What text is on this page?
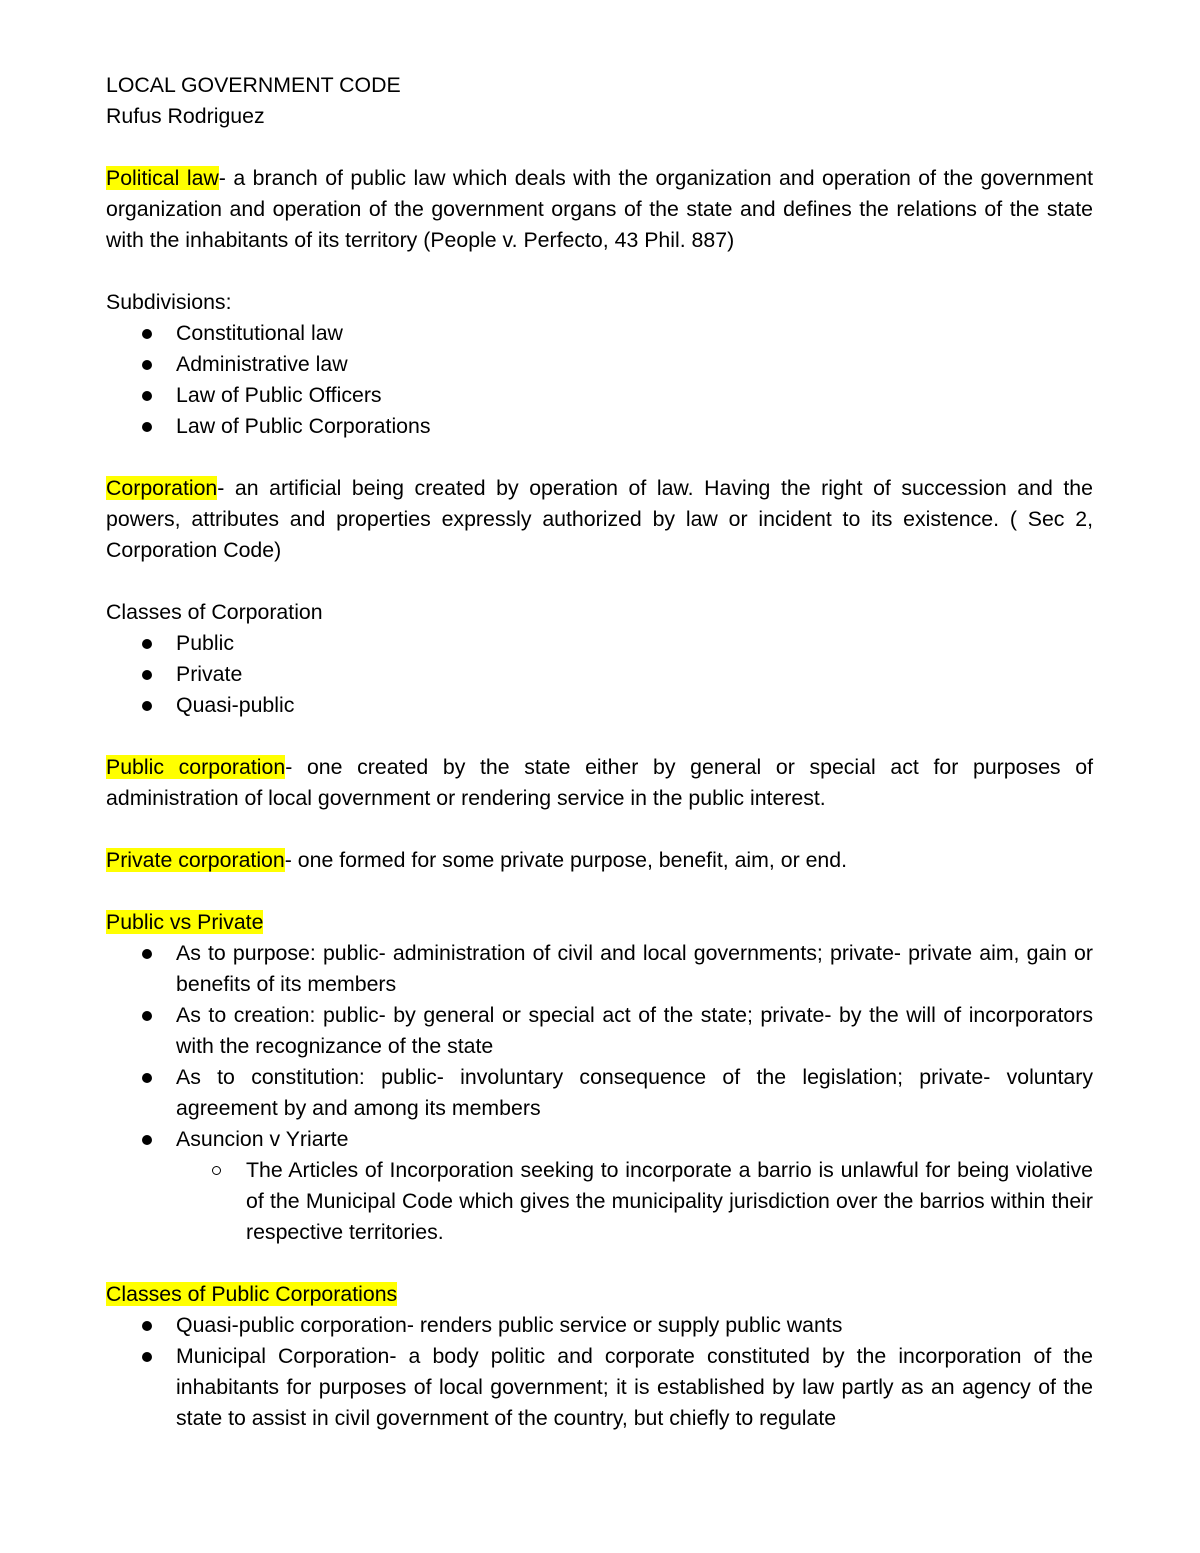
LOCAL GOVERNMENT CODE

Rufus Rodriguez

Political law- a branch of public law which deals with the organization and operation of the government organization and operation of the government organs of the state and defines the relations of the state with the inhabitants of its territory (People v. Perfecto, 43 Phil. 887)

Subdivisions:

Constitutional law
Administrative law
Law of Public Officers
Law of Public Corporations

Corporation- an artificial being created by operation of law. Having the right of succession and the powers, attributes and properties expressly authorized by law or incident to its existence. ( Sec 2, Corporation Code)

Classes of Corporation

Public
Private
Quasi-public

Public corporation- one created by the state either by general or special act for purposes of administration of local government or rendering service in the public interest.

Private corporation- one formed for some private purpose, benefit, aim, or end.

Public vs Private

As to purpose: public- administration of civil and local governments; private- private aim, gain or benefits of its members
As to creation: public- by general or special act of the state; private- by the will of incorporators with the recognizance of the state
As to constitution: public- involuntary consequence of the legislation; private- voluntary agreement by and among its members
Asuncion v Yriarte
The Articles of Incorporation seeking to incorporate a barrio is unlawful for being violative of the Municipal Code which gives the municipality jurisdiction over the barrios within their respective territories.

Classes of Public Corporations

Quasi-public corporation- renders public service or supply public wants
Municipal Corporation- a body politic and corporate constituted by the incorporation of the inhabitants for purposes of local government; it is established by law partly as an agency of the state to assist in civil government of the country, but chiefly to regulate
